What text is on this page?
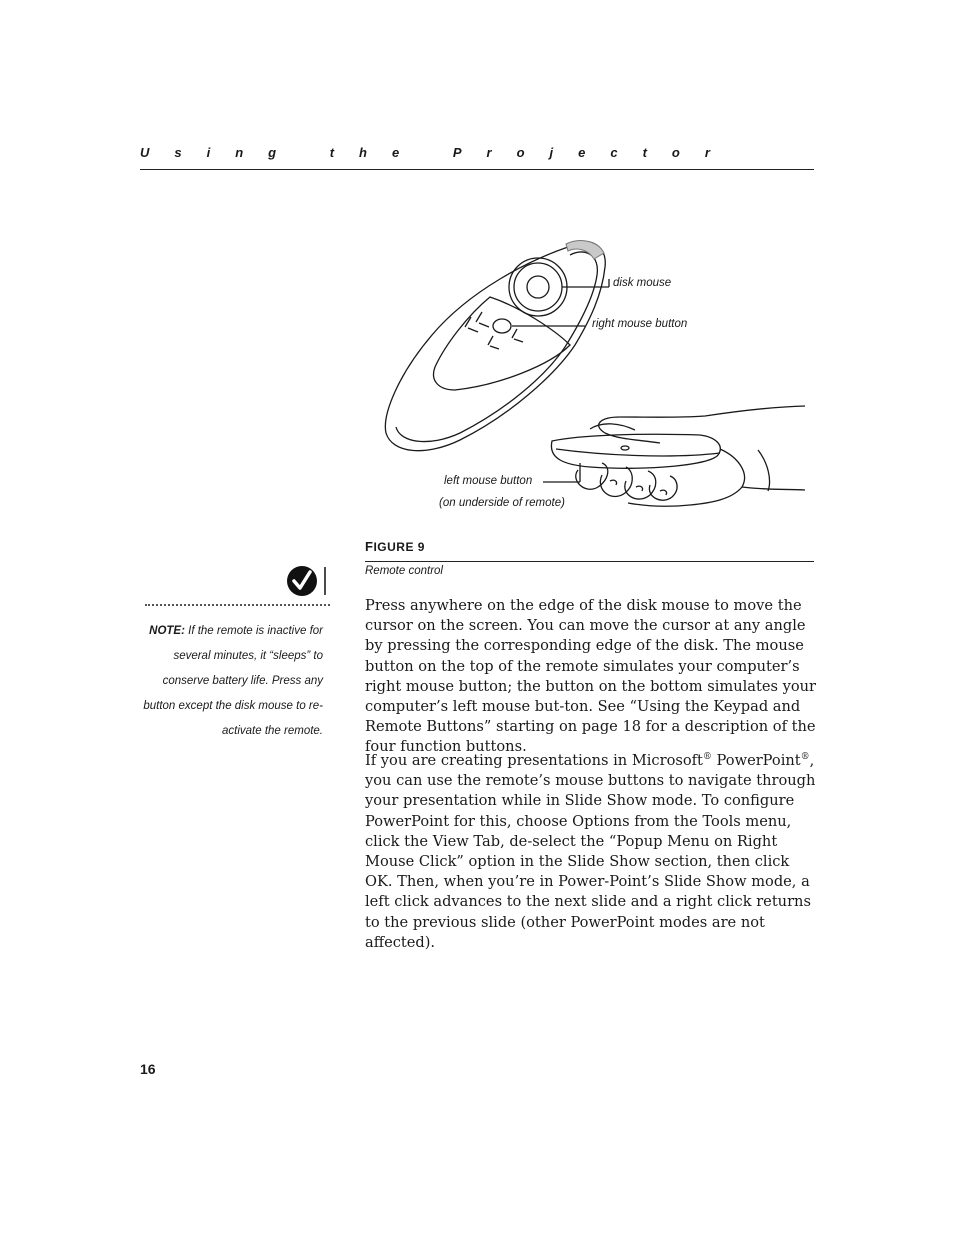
Using the Projector
disk mouse
right mouse button
left mouse button
(on underside of remote)
FIGURE 9
Remote control
NOTE: If the remote is inactive for several minutes, it “sleeps” to conserve battery life. Press any button except the disk mouse to re-activate the remote.

Press anywhere on the edge of the disk mouse to move the cursor on the screen. You can move the cursor at any angle by pressing the corresponding edge of the disk. The mouse button on the top of the remote simulates your computer’s right mouse button; the button on the bottom simulates your computer’s left mouse but-ton. See “Using the Keypad and Remote Buttons” starting on page 18 for a description of the four function buttons.

If you are creating presentations in Microsoft® PowerPoint®, you can use the remote’s mouse buttons to navigate through your presentation while in Slide Show mode. To configure PowerPoint for this, choose Options from the Tools menu, click the View Tab, de-select the “Popup Menu on Right Mouse Click” option in the Slide Show section, then click OK. Then, when you’re in Power-Point’s Slide Show mode, a left click advances to the next slide and a right click returns to the previous slide (other PowerPoint modes are not affected).

16
